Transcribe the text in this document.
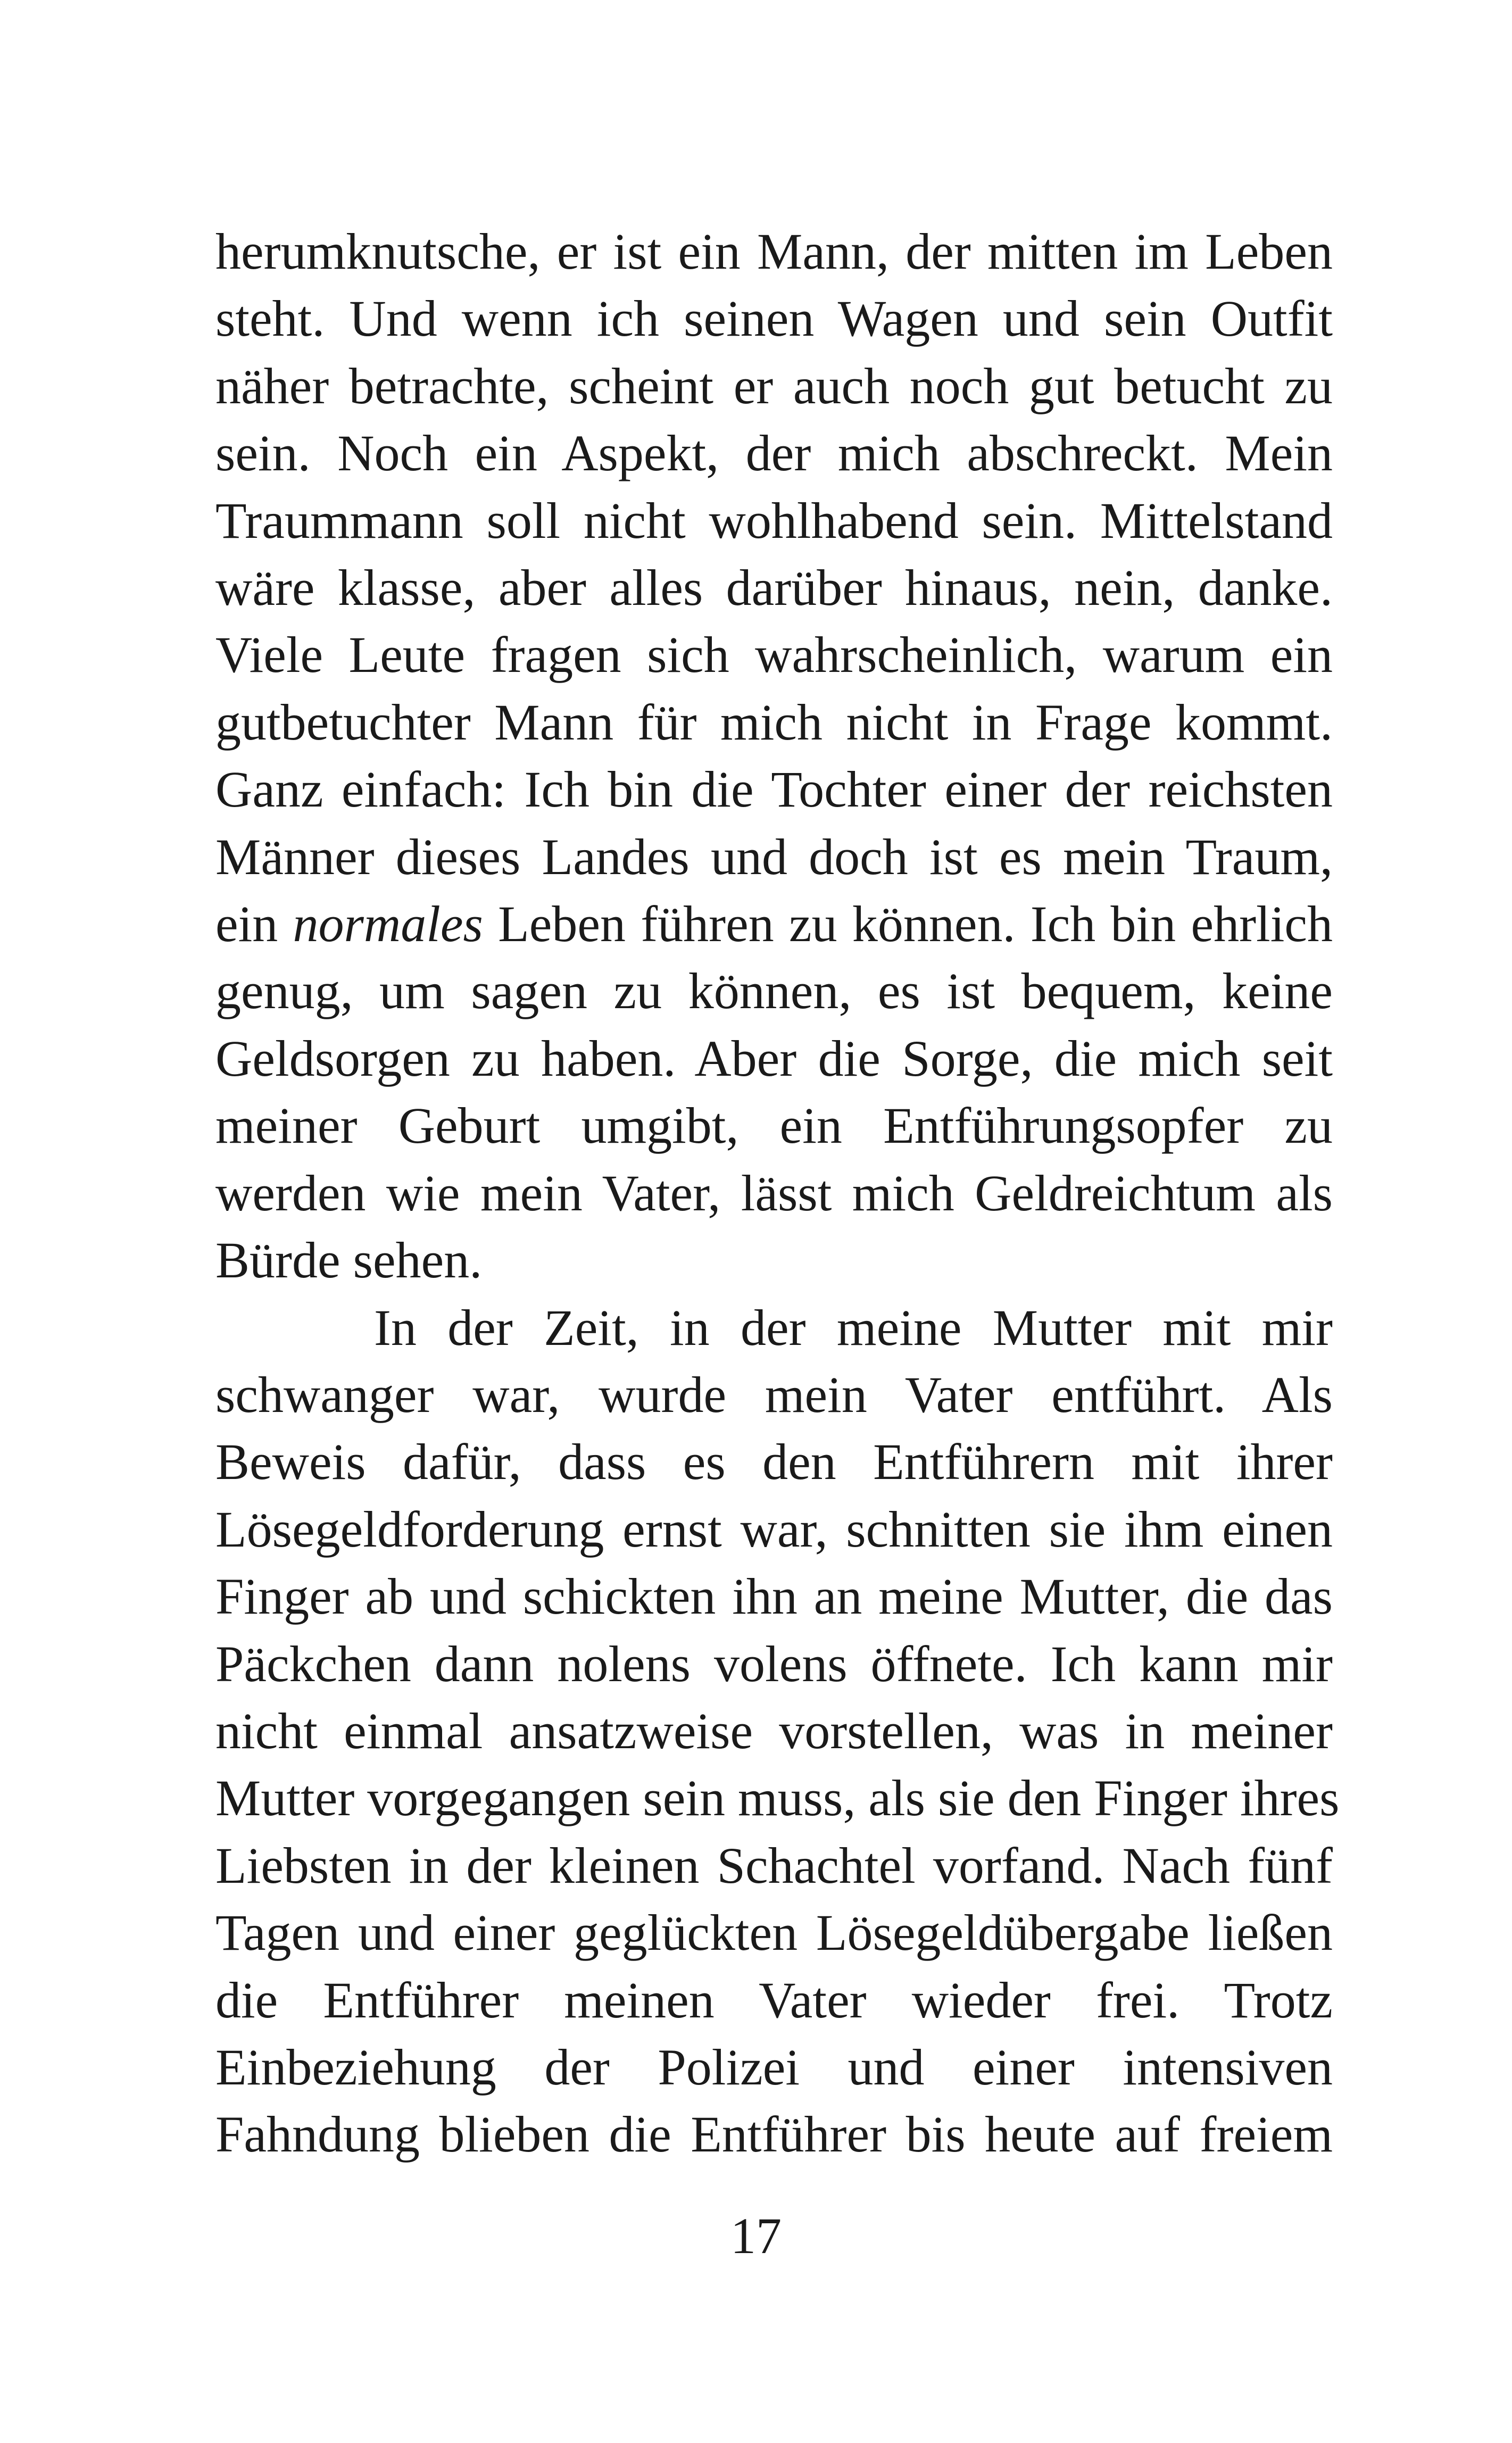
herumknutsche, er ist ein Mann, der mitten im Leben
steht. Und wenn ich seinen Wagen und sein Outfit
näher betrachte, scheint er auch noch gut betucht zu
sein. Noch ein Aspekt, der mich abschreckt. Mein
Traummann soll nicht wohlhabend sein. Mittelstand
wäre klasse, aber alles darüber hinaus, nein, danke.
Viele Leute fragen sich wahrscheinlich, warum ein
gutbetuchter Mann für mich nicht in Frage kommt.
Ganz einfach: Ich bin die Tochter einer der reichsten
Männer dieses Landes und doch ist es mein Traum,
ein normales Leben führen zu können. Ich bin ehrlich
genug, um sagen zu können, es ist bequem, keine
Geldsorgen zu haben. Aber die Sorge, die mich seit
meiner Geburt umgibt, ein Entführungsopfer zu
werden wie mein Vater, lässt mich Geldreichtum als
Bürde sehen.

In der Zeit, in der meine Mutter mit mir
schwanger war, wurde mein Vater entführt. Als
Beweis dafür, dass es den Entführern mit ihrer
Lösegeldforderung ernst war, schnitten sie ihm einen
Finger ab und schickten ihn an meine Mutter, die das
Päckchen dann nolens volens öffnete. Ich kann mir
nicht einmal ansatzweise vorstellen, was in meiner
Mutter vorgegangen sein muss, als sie den Finger ihres
Liebsten in der kleinen Schachtel vorfand. Nach fünf
Tagen und einer geglückten Lösegeldübergabe ließen
die Entführer meinen Vater wieder frei. Trotz
Einbeziehung der Polizei und einer intensiven
Fahndung blieben die Entführer bis heute auf freiem

17
